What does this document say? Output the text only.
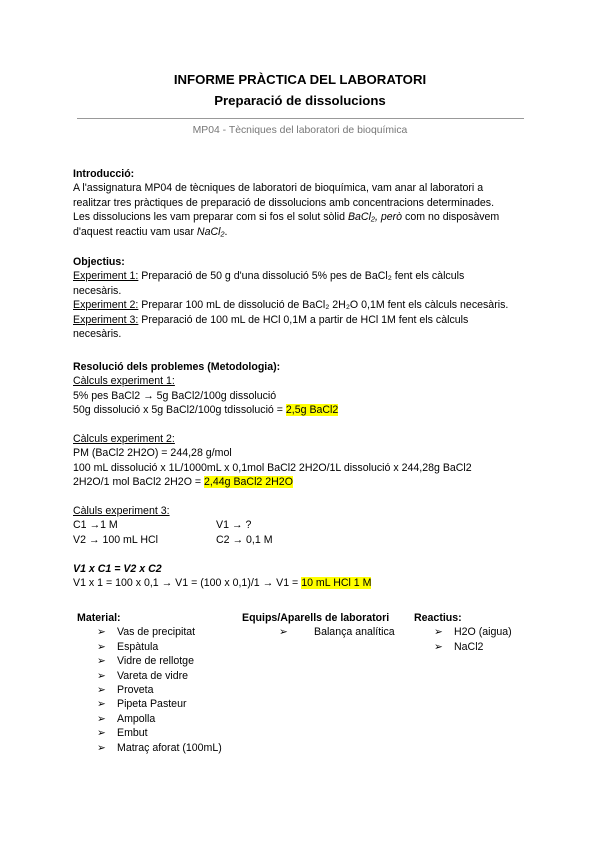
INFORME PRÀCTICA DEL LABORATORI
Preparació de dissolucions
MP04 - Tècniques del laboratori de bioquímica
Introducció:
A l'assignatura MP04 de tècniques de laboratori de bioquímica, vam anar al laboratori a
realitzar tres pràctiques de preparació de dissolucions amb concentracions determinades.
Les dissolucions les vam preparar com si fos el solut sòlid BaCl₂, però com no disposàvem
d'aquest reactiu vam usar NaCl₂.
Objectius:
Experiment 1: Preparació de 50 g d'una dissolució 5% pes de BaCl₂ fent els càlculs
necesàris.
Experiment 2: Preparar 100 mL de dissolució de BaCl₂ 2H₂O 0,1M fent els càlculs necesàris.
Experiment 3: Preparació de 100 mL de HCl 0,1M a partir de HCl 1M fent els càlculs
necesàris.
Resolució dels problemes (Metodologia):
Càlculs experiment 1:
5% pes BaCl2 → 5g BaCl2/100g dissolució
50g dissolució x 5g BaCl2/100g tdissolució = 2,5g BaCl2
Càlculs experiment 2:
PM (BaCl2 2H2O) = 244,28 g/mol
100 mL dissolució x 1L/1000mL x 0,1mol BaCl2 2H2O/1L dissolució x 244,28g BaCl2
2H2O/1 mol BaCl2 2H2O = 2,44g BaCl2 2H2O
Càluls experiment 3:
C1 →1 M	V1 → ?
V2 → 100 mL HCl	C2 → 0,1 M
V1 x C1 = V2 x C2
V1 x 1 = 100 x 0,1 → V1 = (100 x 0,1)/1 → V1 = 10 mL HCl 1 M
Material:
➢ Vas de precipitat
➢ Espàtula
➢ Vidre de rellotge
➢ Vareta de vidre
➢ Proveta
➢ Pipeta Pasteur
➢ Ampolla
➢ Embut
➢ Matraç aforat (100mL)
Equips/Aparells de laboratori
➢ Balança analítica
Reactius:
➢ H2O (aigua)
➢ NaCl2
